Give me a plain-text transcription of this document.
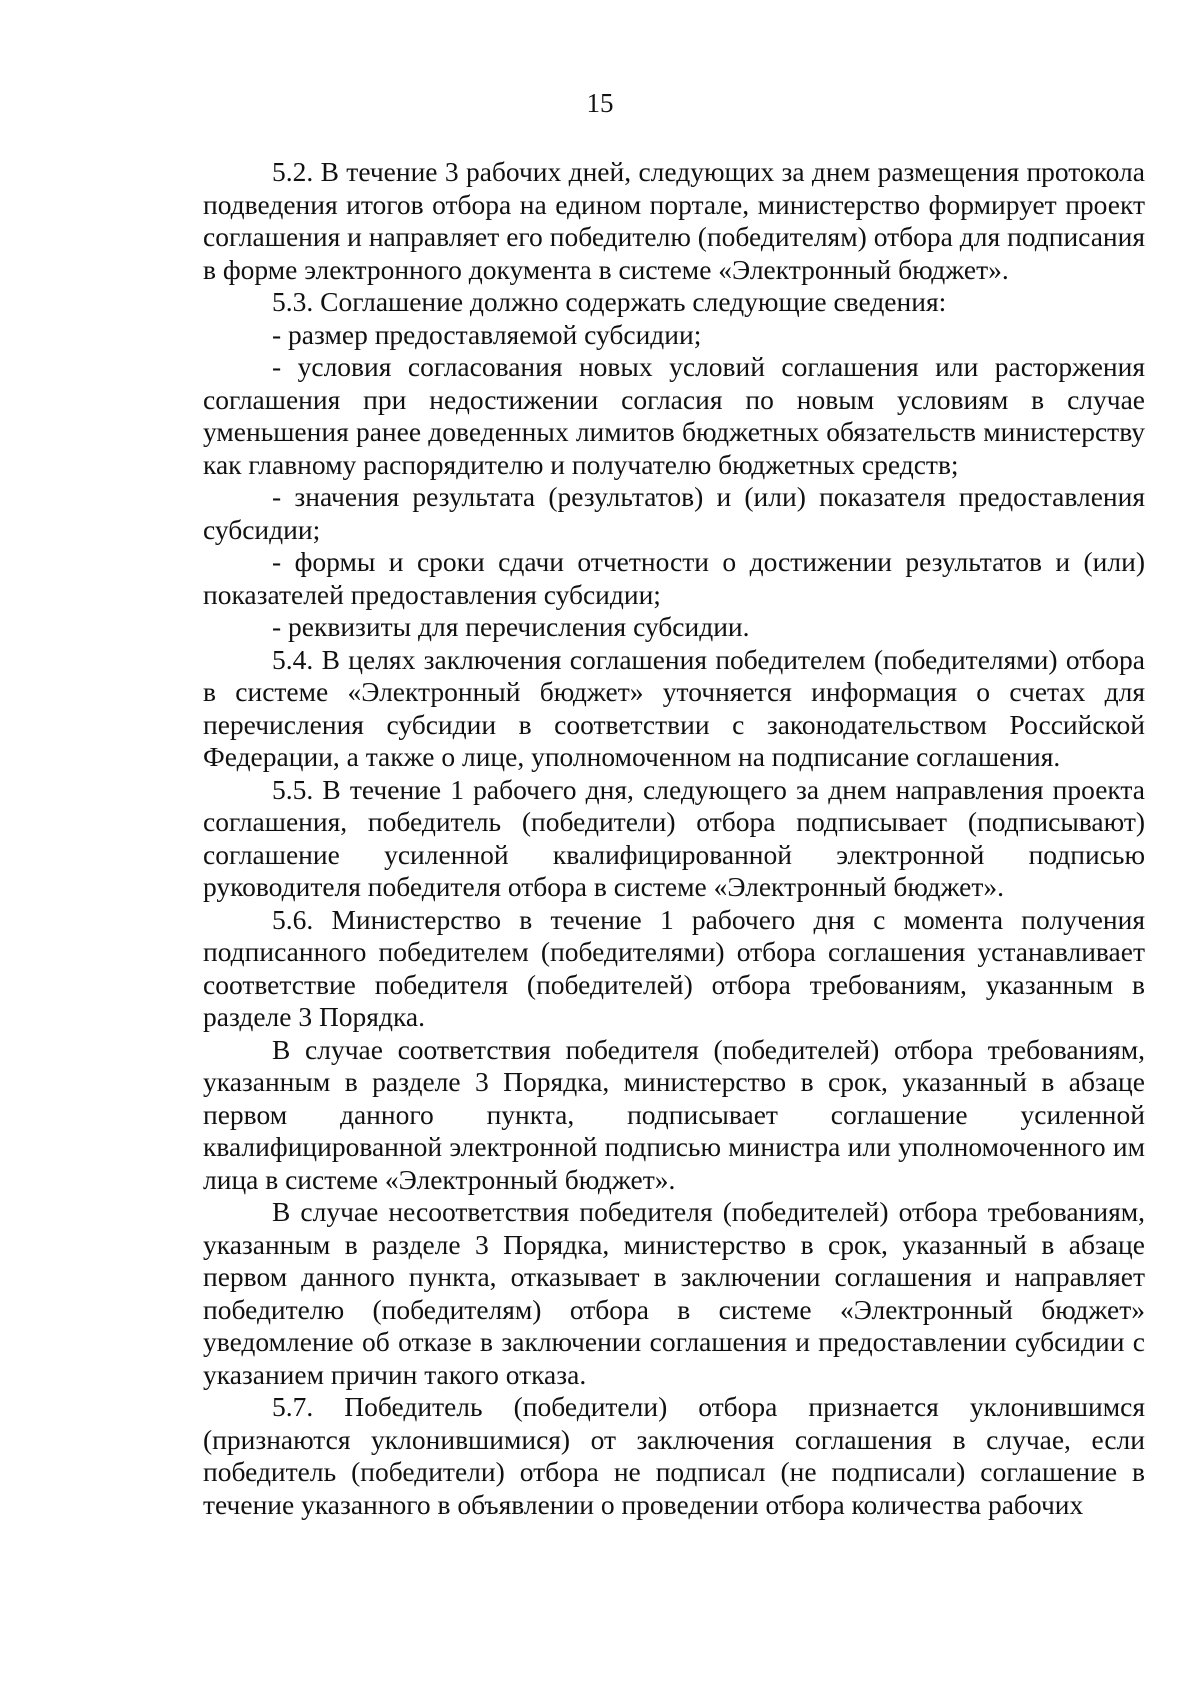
15

5.2. В течение 3 рабочих дней, следующих за днем размещения протокола подведения итогов отбора на едином портале, министерство формирует проект соглашения и направляет его победителю (победителям) отбора для подписания в форме электронного документа в системе «Электронный бюджет».

5.3. Соглашение должно содержать следующие сведения:

- размер предоставляемой субсидии;

- условия согласования новых условий соглашения или расторжения соглашения при недостижении согласия по новым условиям в случае уменьшения ранее доведенных лимитов бюджетных обязательств министерству как главному распорядителю и получателю бюджетных средств;

- значения результата (результатов) и (или) показателя предоставления субсидии;

- формы и сроки сдачи отчетности о достижении результатов и (или) показателей предоставления субсидии;

- реквизиты для перечисления субсидии.

5.4. В целях заключения соглашения победителем (победителями) отбора в системе «Электронный бюджет» уточняется информация о счетах для перечисления субсидии в соответствии с законодательством Российской Федерации, а также о лице, уполномоченном на подписание соглашения.

5.5. В течение 1 рабочего дня, следующего за днем направления проекта соглашения, победитель (победители) отбора подписывает (подписывают) соглашение усиленной квалифицированной электронной подписью руководителя победителя отбора в системе «Электронный бюджет».

5.6. Министерство в течение 1 рабочего дня с момента получения подписанного победителем (победителями) отбора соглашения устанавливает соответствие победителя (победителей) отбора требованиям, указанным в разделе 3 Порядка.

В случае соответствия победителя (победителей) отбора требованиям, указанным в разделе 3 Порядка, министерство в срок, указанный в абзаце первом данного пункта, подписывает соглашение усиленной квалифицированной электронной подписью министра или уполномоченного им лица в системе «Электронный бюджет».

В случае несоответствия победителя (победителей) отбора требованиям, указанным в разделе 3 Порядка, министерство в срок, указанный в абзаце первом данного пункта, отказывает в заключении соглашения и направляет победителю (победителям) отбора в системе «Электронный бюджет» уведомление об отказе в заключении соглашения и предоставлении субсидии с указанием причин такого отказа.

5.7. Победитель (победители) отбора признается уклонившимся (признаются уклонившимися) от заключения соглашения в случае, если победитель (победители) отбора не подписал (не подписали) соглашение в течение указанного в объявлении о проведении отбора количества рабочих
